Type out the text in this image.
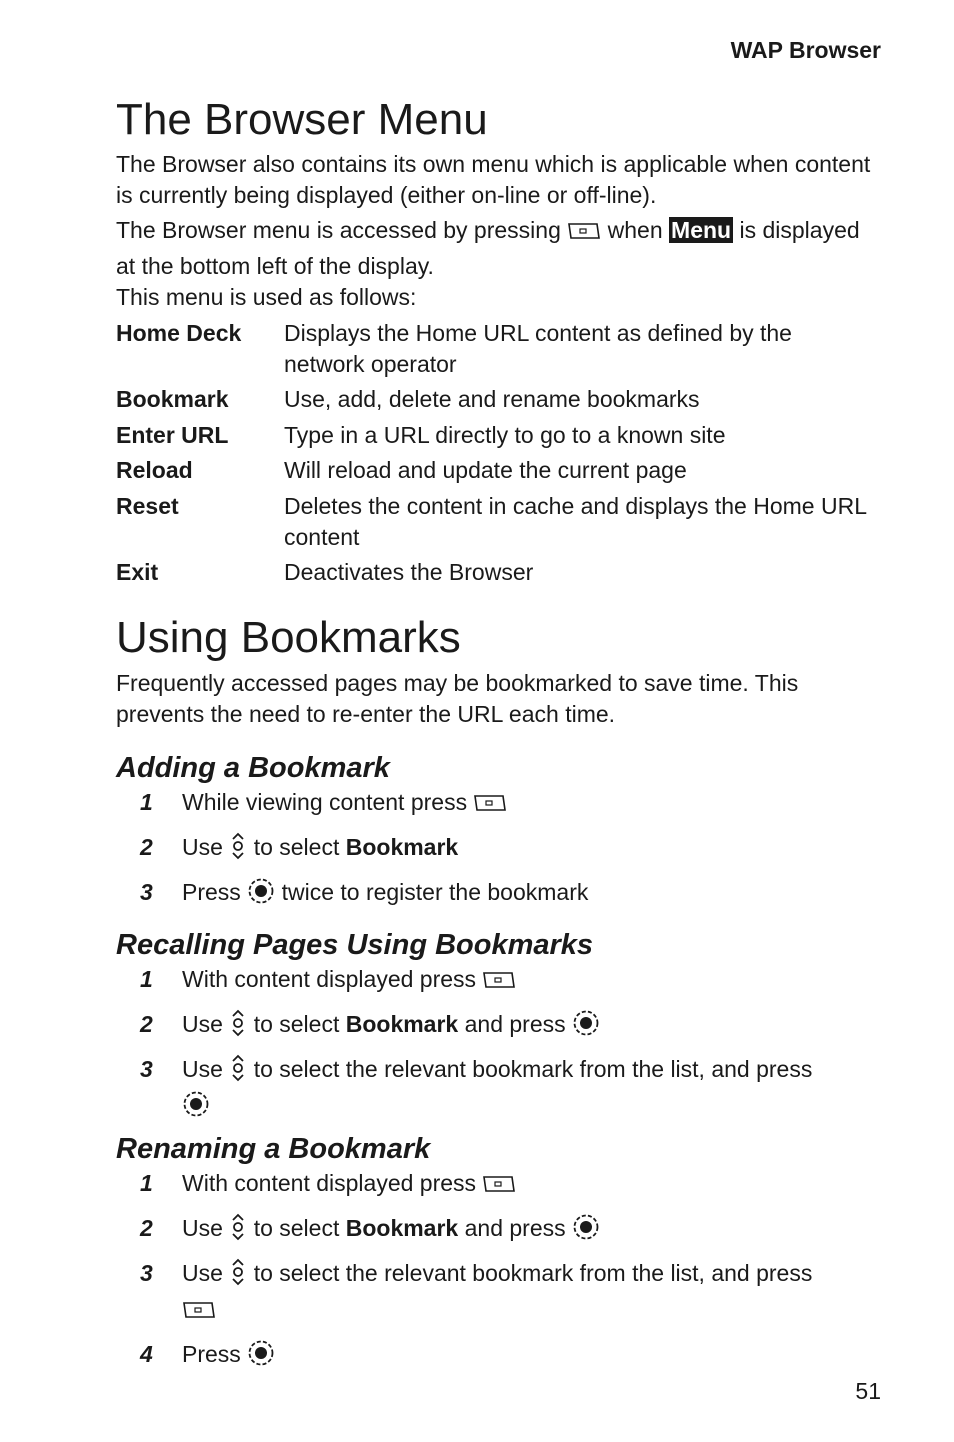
WAP Browser
The Browser Menu

The Browser also contains its own menu which is applicable when content is currently being displayed (either on-line or off-line).

The Browser menu is accessed by pressing when Menu is displayed at the bottom left of the display.

This menu is used as follows:

Home Deck	Displays the Home URL content as defined by the network operator
Bookmark	Use, add, delete and rename bookmarks
Enter URL	Type in a URL directly to go to a known site
Reload	Will reload and update the current page
Reset	Deletes the content in cache and displays the Home URL content
Exit	Deactivates the Browser
Using Bookmarks

Frequently accessed pages may be bookmarked to save time. This prevents the need to re-enter the URL each time.

Adding a Bookmark
1	While viewing content press
2	Use to select Bookmark
3	Press twice to register the bookmark
Recalling Pages Using Bookmarks
1	With content displayed press
2	Use to select Bookmark and press
3	Use to select the relevant bookmark from the list, and press

Renaming a Bookmark
1	With content displayed press
2	Use to select Bookmark and press
3	Use to select the relevant bookmark from the list, and press

4	Press
51
